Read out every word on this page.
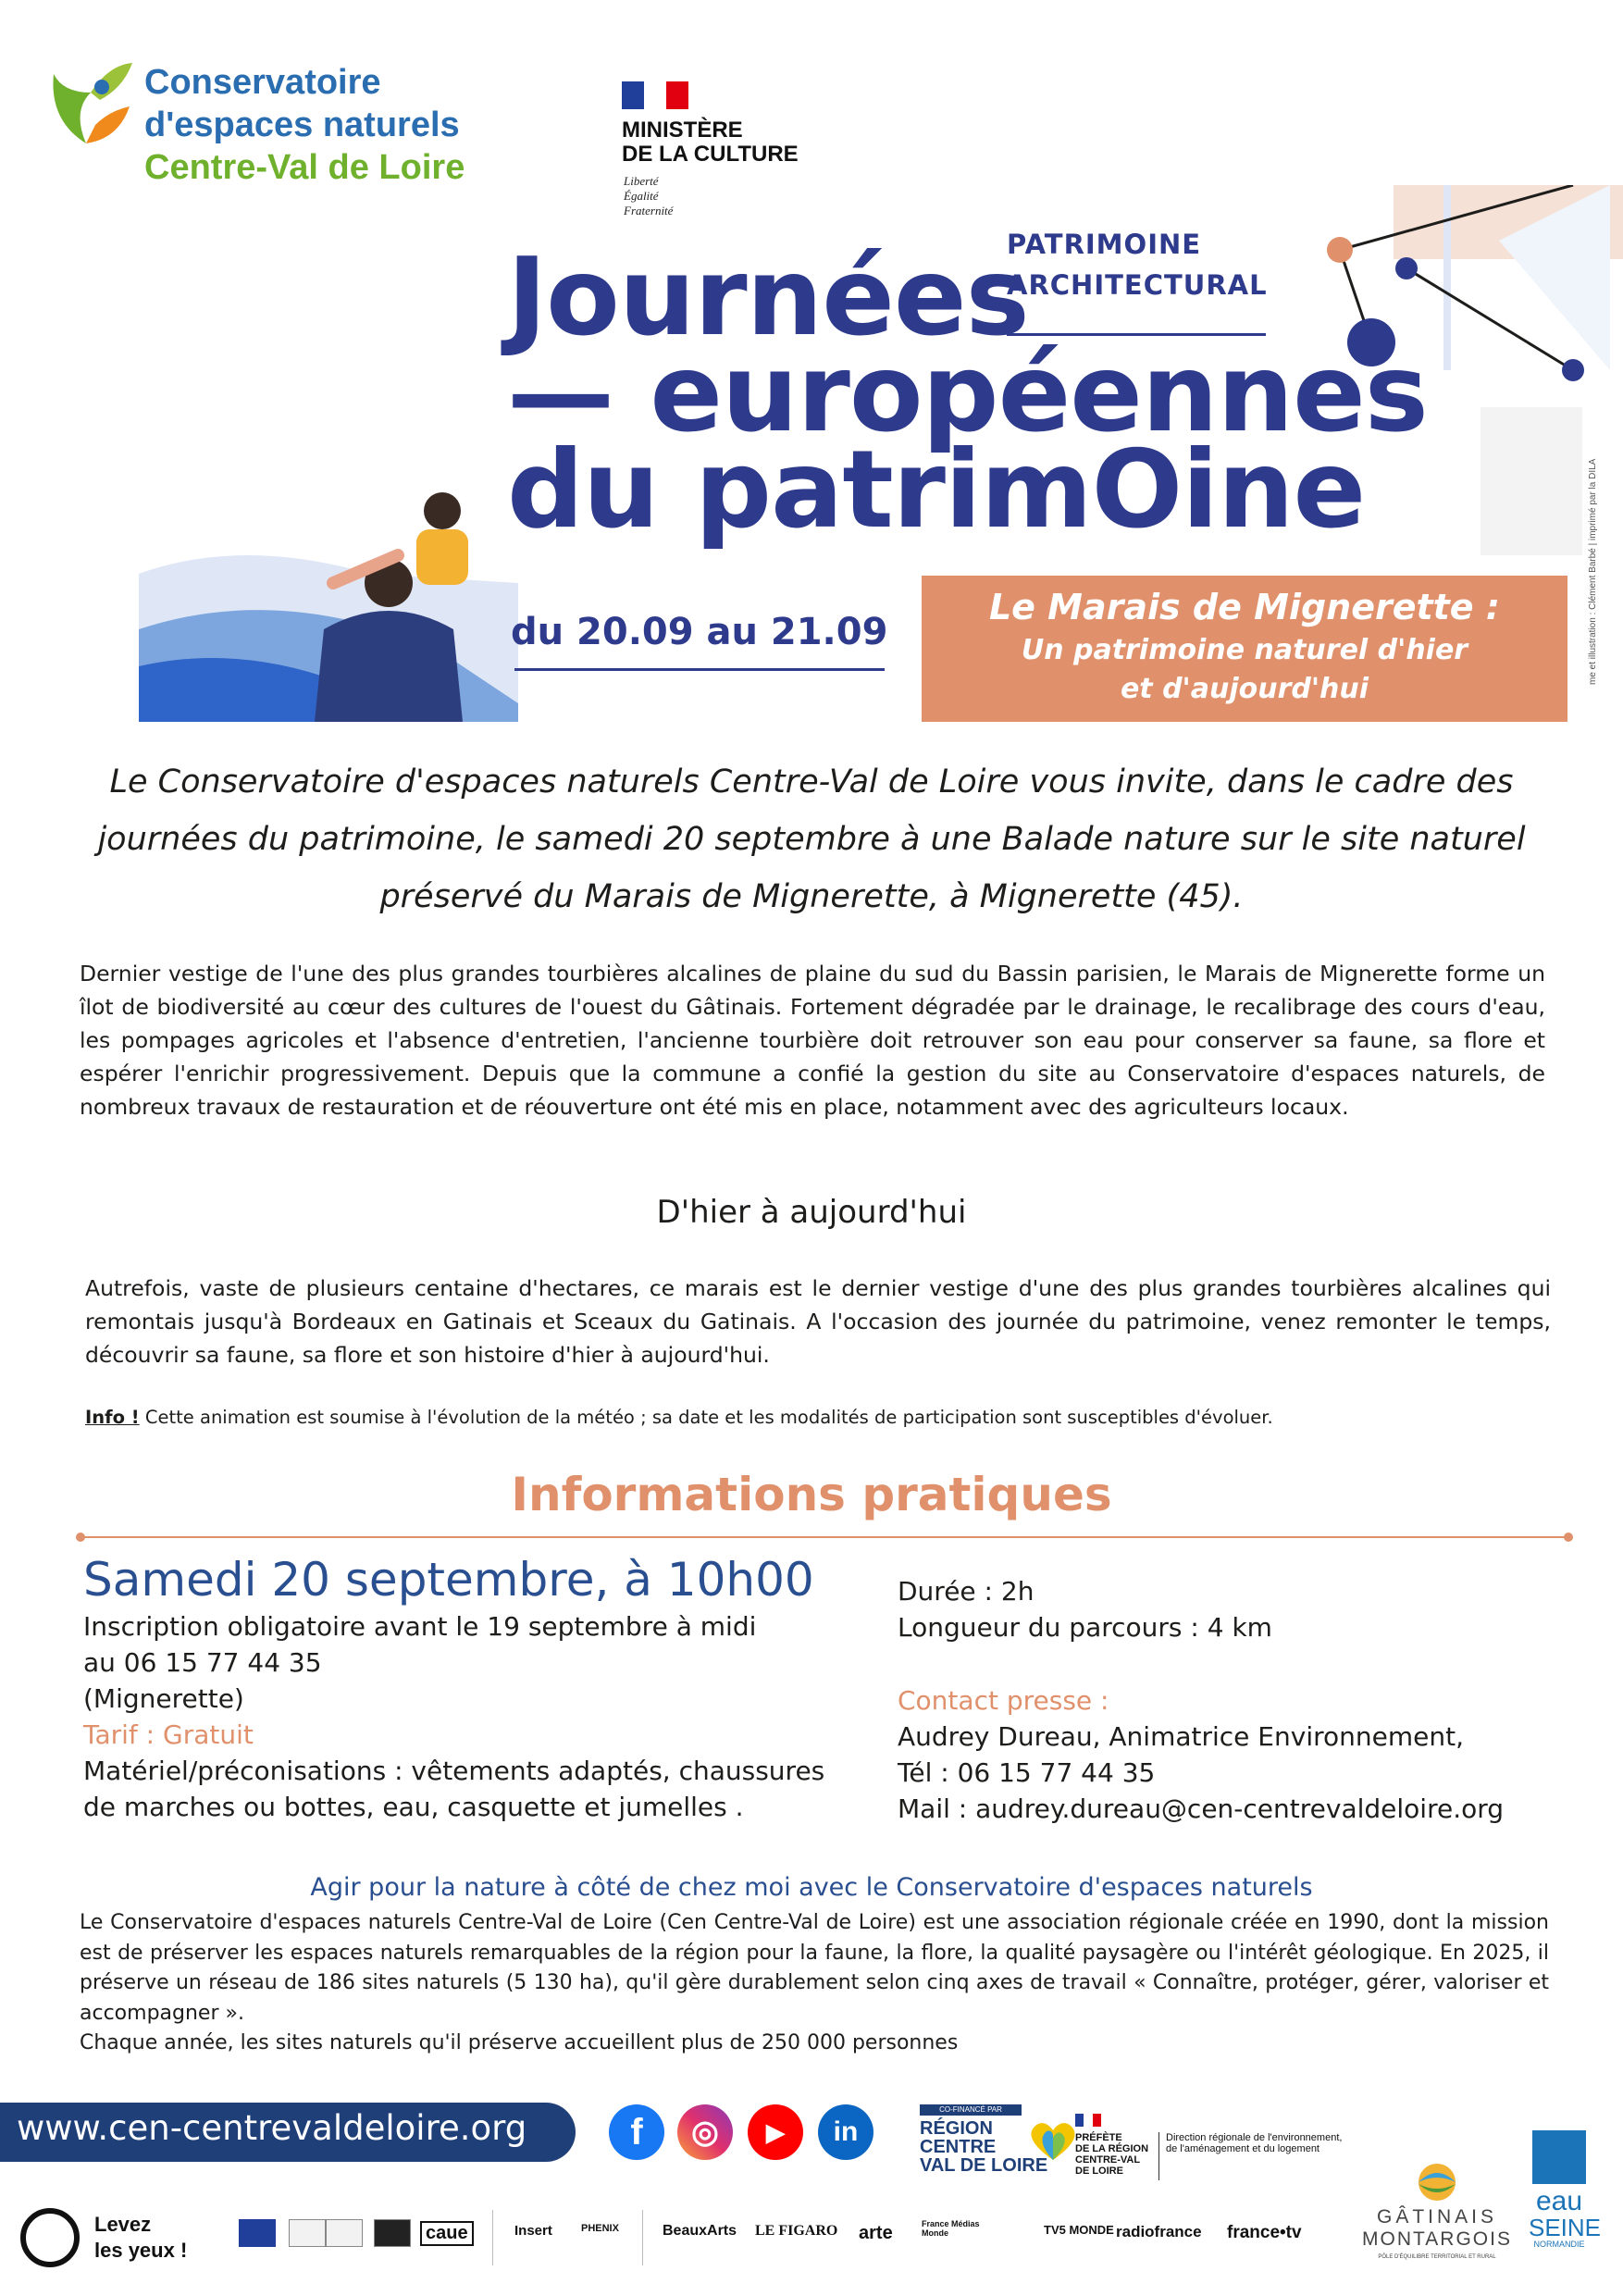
Conservatoire
d'espaces naturels
Centre-Val de Loire
MINISTÈRE
DE LA CULTURE
Liberté
Égalité
Fraternité
PATRIMOINE
ARCHITECTURAL
Journées
— européennes
du patrimOine
du 20.09 au 21.09	me et illustration : Clément Barbé | imprimé par la DILA
Le Marais de Mignerette :
Un patrimoine naturel d'hier
et d'aujourd'hui
Le Conservatoire d'espaces naturels Centre-Val de Loire vous invite, dans le cadre des journées du patrimoine, le samedi 20 septembre à une Balade nature sur le site naturel préservé du Marais de Mignerette, à Mignerette (45).
Dernier vestige de l'une des plus grandes tourbières alcalines de plaine du sud du Bassin parisien, le Marais de Mignerette forme un îlot de biodiversité au cœur des cultures de l'ouest du Gâtinais. Fortement dégradée par le drainage, le recalibrage des cours d'eau, les pompages agricoles et l'absence d'entretien, l'ancienne tourbière doit retrouver son eau pour conserver sa faune, sa flore et espérer l'enrichir progressivement. Depuis que la commune a confié la gestion du site au Conservatoire d'espaces naturels, de nombreux travaux de restauration et de réouverture ont été mis en place, notamment avec des agriculteurs locaux.
D'hier à aujourd'hui
Autrefois, vaste de plusieurs centaine d'hectares, ce marais est le dernier vestige d'une des plus grandes tourbières alcalines qui remontais jusqu'à Bordeaux en Gatinais et Sceaux du Gatinais. A l'occasion des journée du patrimoine, venez remonter le temps, découvrir sa faune, sa flore et son histoire d'hier à aujourd'hui.
Info ! Cette animation est soumise à l'évolution de la météo ; sa date et les modalités de participation sont susceptibles d'évoluer.
Informations pratiques
Samedi 20 septembre, à 10h00
Inscription obligatoire avant le 19 septembre à midi
au 06 15 77 44 35
(Mignerette)
Tarif : Gratuit
Matériel/préconisations : vêtements adaptés, chaussures
de marches ou bottes, eau, casquette et jumelles .
Durée : 2h
Longueur du parcours : 4 km
Contact presse :
Audrey Dureau, Animatrice Environnement,
Tél : 06 15 77 44 35
Mail : audrey.dureau@cen-centrevaldeloire.org
Agir pour la nature à côté de chez moi avec le Conservatoire d'espaces naturels
Le Conservatoire d'espaces naturels Centre-Val de Loire (Cen Centre-Val de Loire) est une association régionale créée en 1990, dont la mission est de préserver les espaces naturels remarquables de la région pour la faune, la flore, la qualité paysagère ou l'intérêt géologique. En 2025, il préserve un réseau de 186 sites naturels (5 130 ha), qu'il gère durablement selon cinq axes de travail « Connaître, protéger, gérer, valoriser et accompagner ».
Chaque année, les sites naturels qu'il préserve accueillent plus de 250 000 personnes
www.cen-centrevaldeloire.org	f	◎	▶	in
CO-FINANCÉ PAR
RÉGION
CENTRE
VAL DE LOIRE
PRÉFÈTE
DE LA RÉGION
CENTRE-VAL
DE LOIRE
Direction régionale de l'environnement,
de l'aménagement et du logement
GÂTINAIS
MONTARGOIS
PÔLE D'ÉQUILIBRE TERRITORIAL ET RURAL
eau
SEINE
NORMANDIE
Levez
les yeux !
caue	Insert	PHENIX	BeauxArts LE FIGARO arte	France Médias Monde	TV5 MONDE radiofrance france•tv
